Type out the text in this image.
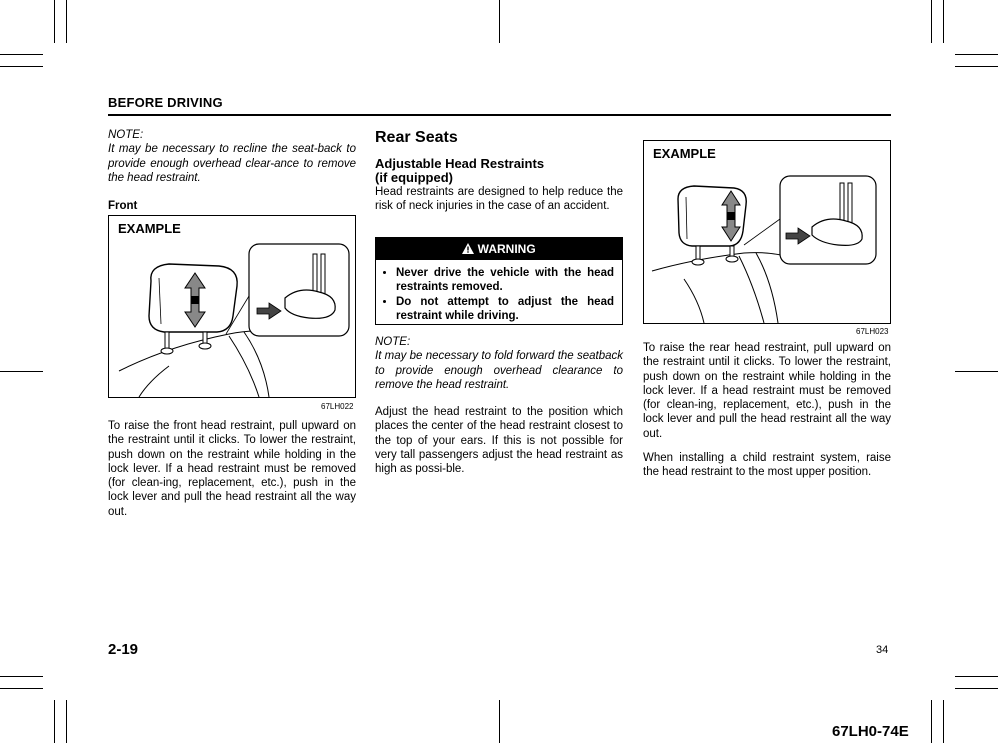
BEFORE DRIVING

NOTE:

It may be necessary to recline the seat-back to provide enough overhead clear-ance to remove the head restraint.

Front

EXAMPLE
67LH022

To raise the front head restraint, pull upward on the restraint until it clicks. To lower the restraint, push down on the restraint while holding in the lock lever. If a head restraint must be removed (for clean-ing, replacement, etc.), push in the lock lever and pull the head restraint all the way out.

Rear Seats
Adjustable Head Restraints
(if equipped)

Head restraints are designed to help reduce the risk of neck injuries in the case of an accident.

WARNING
• Never drive the vehicle with the head restraints removed.
• Do not attempt to adjust the head restraint while driving.

NOTE:

It may be necessary to fold forward the seatback to provide enough overhead clearance to remove the head restraint.

Adjust the head restraint to the position which places the center of the head restraint closest to the top of your ears. If this is not possible for very tall passengers adjust the head restraint as high as possi-ble.

EXAMPLE
67LH023

To raise the rear head restraint, pull upward on the restraint until it clicks. To lower the restraint, push down on the restraint while holding in the lock lever. If a head restraint must be removed (for clean-ing, replacement, etc.), push in the lock lever and pull the head restraint all the way out.

When installing a child restraint system, raise the head restraint to the most upper position.

2-19	34
67LH0-74E
